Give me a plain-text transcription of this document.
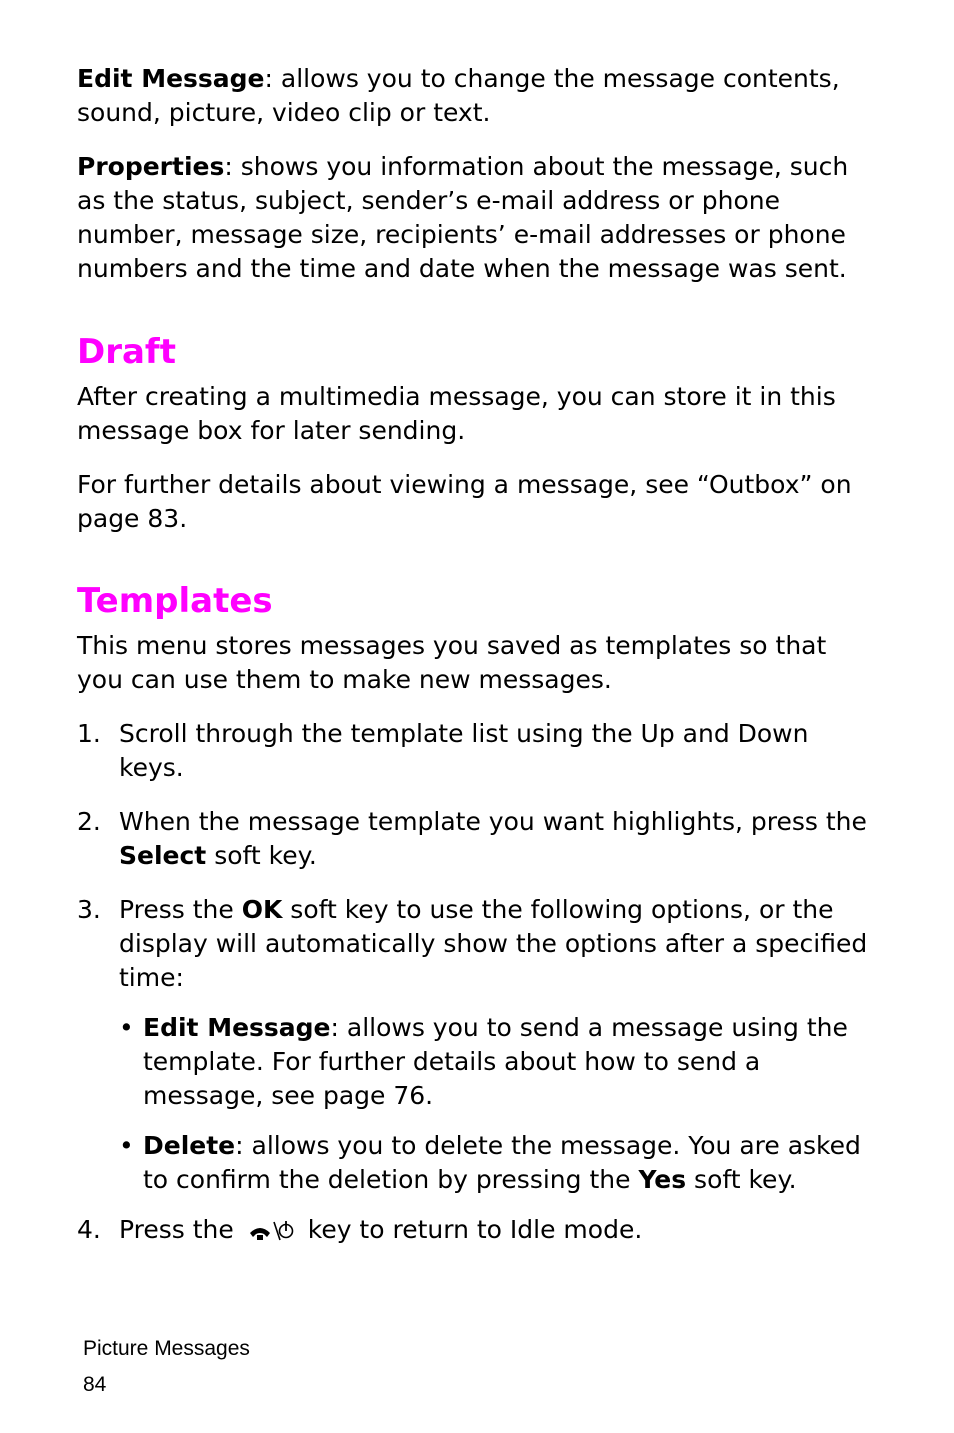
Edit Message: allows you to change the message contents, sound, picture, video clip or text.

Properties: shows you information about the message, such as the status, subject, sender’s e-mail address or phone number, message size, recipients’ e-mail addresses or phone numbers and the time and date when the message was sent.

Draft

After creating a multimedia message, you can store it in this message box for later sending.

For further details about viewing a message, see “Outbox” on page 83.

Templates

This menu stores messages you saved as templates so that you can use them to make new messages.

1. Scroll through the template list using the Up and Down keys.

2. When the message template you want highlights, press the Select soft key.

3. Press the OK soft key to use the following options, or the display will automatically show the options after a specified time:

• Edit Message: allows you to send a message using the template. For further details about how to send a message, see page 76.

• Delete: allows you to delete the message. You are asked to confirm the deletion by pressing the Yes soft key.

4. Press the	key to return to Idle mode.

Picture Messages
84
